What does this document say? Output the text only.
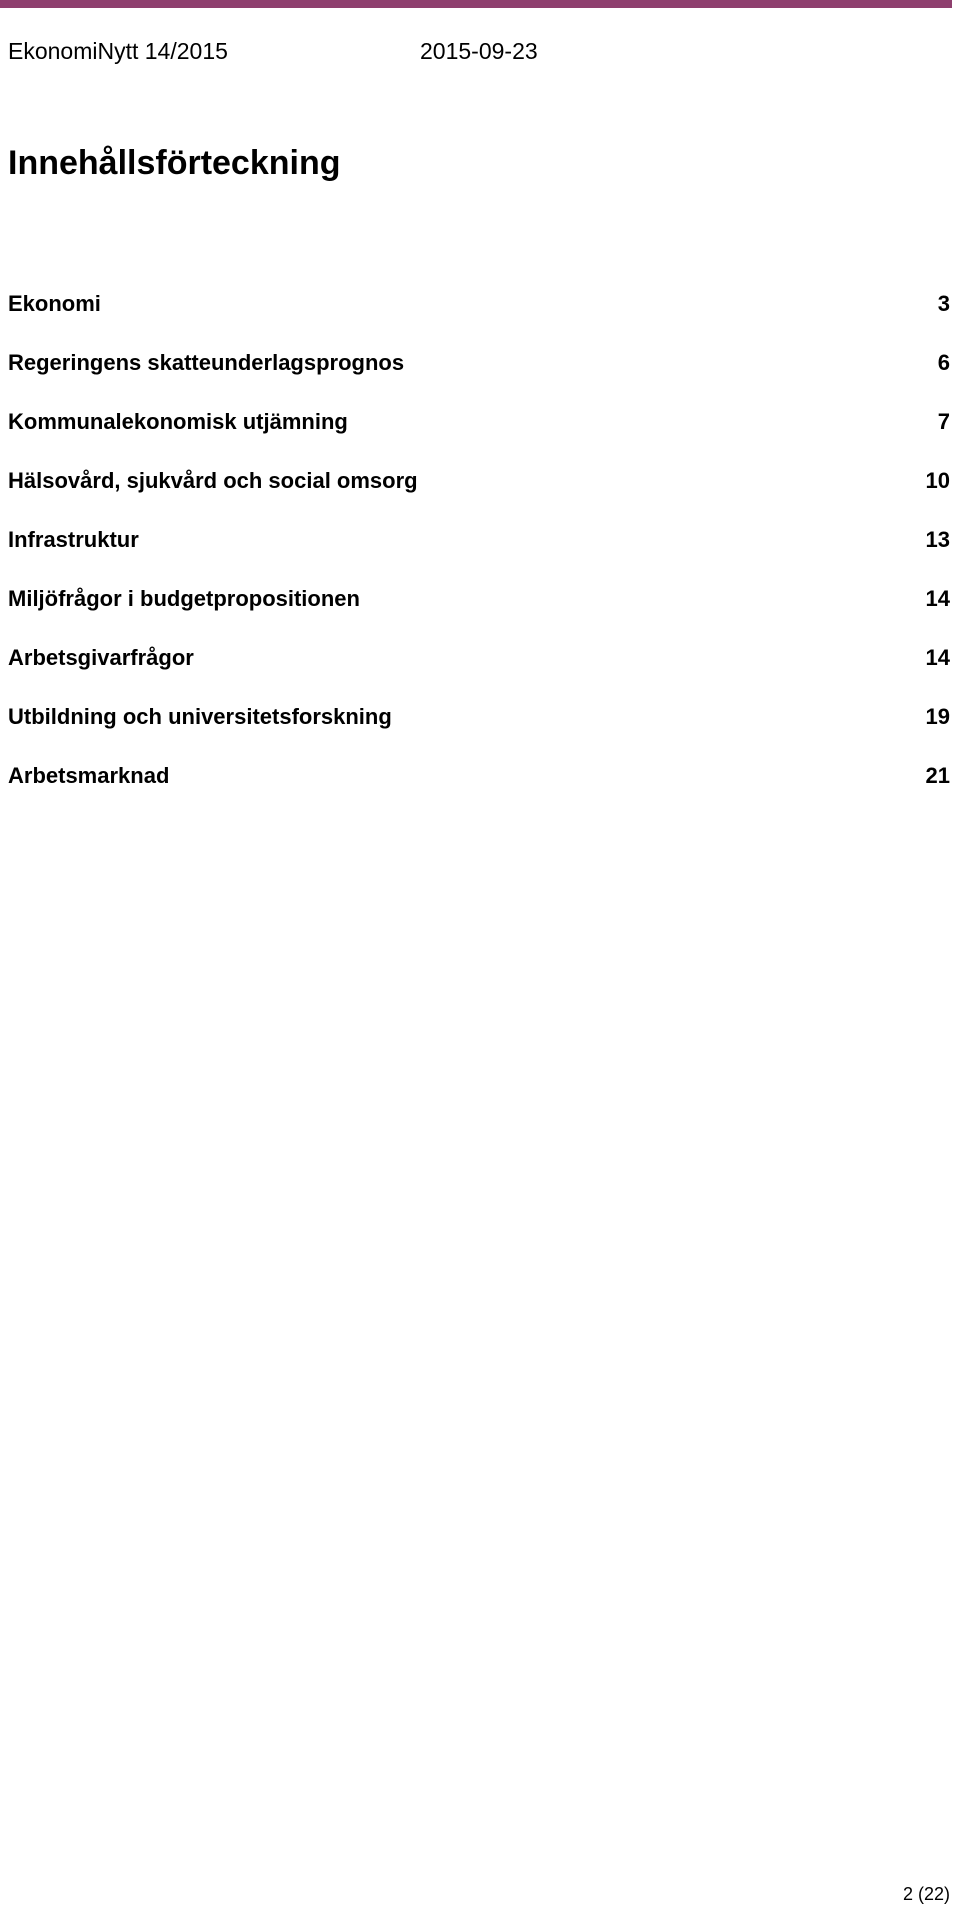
EkonomiNytt 14/2015	2015-09-23
Innehållsförteckning
Ekonomi	3
Regeringens skatteunderlagsprognos	6
Kommunalekonomisk utjämning	7
Hälsovård, sjukvård och social omsorg	10
Infrastruktur	13
Miljöfrågor i budgetpropositionen	14
Arbetsgivarfrågor	14
Utbildning och universitetsforskning	19
Arbetsmarknad	21
2 (22)
